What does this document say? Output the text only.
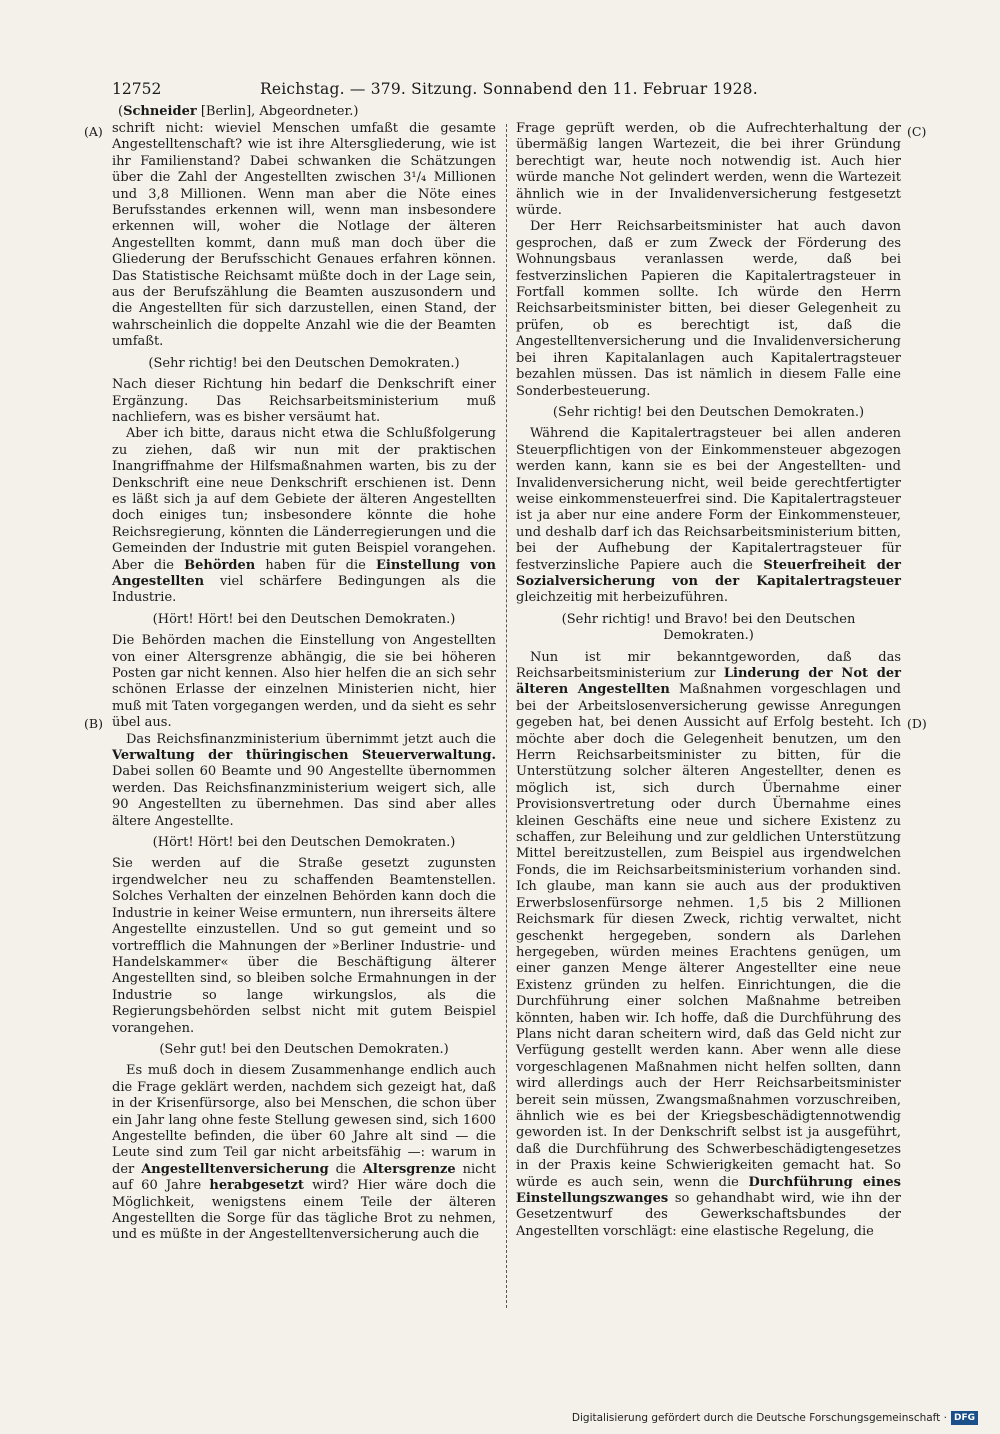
12752	Reichstag. — 379. Sitzung. Sonnabend den 11. Februar 1928.
(Schneider [Berlin], Abgeordneter.)
(A)
(B)
(C)
(D)

schrift nicht: wieviel Menschen umfaßt die gesamte Angestelltenschaft? wie ist ihre Altersgliederung, wie ist ihr Familienstand? Dabei schwanken die Schätzungen über die Zahl der Angestellten zwischen 3¹/₄ Millionen und 3,8 Millionen. Wenn man aber die Nöte eines Berufsstandes erkennen will, wenn man insbesondere erkennen will, woher die Notlage der älteren Angestellten kommt, dann muß man doch über die Gliederung der Berufsschicht Genaues erfahren können. Das Statistische Reichsamt müßte doch in der Lage sein, aus der Berufszählung die Beamten auszusondern und die Angestellten für sich darzustellen, einen Stand, der wahrscheinlich die doppelte Anzahl wie die der Beamten umfaßt.

(Sehr richtig! bei den Deutschen Demokraten.)

Nach dieser Richtung hin bedarf die Denkschrift einer Ergänzung. Das Reichsarbeitsministerium muß nachliefern, was es bisher versäumt hat.

Aber ich bitte, daraus nicht etwa die Schlußfolgerung zu ziehen, daß wir nun mit der praktischen Inangriffnahme der Hilfsmaßnahmen warten, bis zu der Denkschrift eine neue Denkschrift erschienen ist. Denn es läßt sich ja auf dem Gebiete der älteren Angestellten doch einiges tun; insbesondere könnte die hohe Reichsregierung, könnten die Länderregierungen und die Gemeinden der Industrie mit guten Beispiel vorangehen. Aber die Behörden haben für die Einstellung von Angestellten viel schärfere Bedingungen als die Industrie.

(Hört! Hört! bei den Deutschen Demokraten.)

Die Behörden machen die Einstellung von Angestellten von einer Altersgrenze abhängig, die sie bei höheren Posten gar nicht kennen. Also hier helfen die an sich sehr schönen Erlasse der einzelnen Ministerien nicht, hier muß mit Taten vorgegangen werden, und da sieht es sehr übel aus.

Das Reichsfinanzministerium übernimmt jetzt auch die Verwaltung der thüringischen Steuerverwaltung. Dabei sollen 60 Beamte und 90 Angestellte übernommen werden. Das Reichsfinanzministerium weigert sich, alle 90 Angestellten zu übernehmen. Das sind aber alles ältere Angestellte.

(Hört! Hört! bei den Deutschen Demokraten.)

Sie werden auf die Straße gesetzt zugunsten irgendwelcher neu zu schaffenden Beamtenstellen. Solches Verhalten der einzelnen Behörden kann doch die Industrie in keiner Weise ermuntern, nun ihrerseits ältere Angestellte einzustellen. Und so gut gemeint und so vortrefflich die Mahnungen der »Berliner Industrie- und Handelskammer« über die Beschäftigung älterer Angestellten sind, so bleiben solche Ermahnungen in der Industrie so lange wirkungslos, als die Regierungsbehörden selbst nicht mit gutem Beispiel vorangehen.

(Sehr gut! bei den Deutschen Demokraten.)

Es muß doch in diesem Zusammenhange endlich auch die Frage geklärt werden, nachdem sich gezeigt hat, daß in der Krisenfürsorge, also bei Menschen, die schon über ein Jahr lang ohne feste Stellung gewesen sind, sich 1600 Angestellte befinden, die über 60 Jahre alt sind — die Leute sind zum Teil gar nicht arbeitsfähig —: warum in der Angestelltenversicherung die Altersgrenze nicht auf 60 Jahre herabgesetzt wird? Hier wäre doch die Möglichkeit, wenigstens einem Teile der älteren Angestellten die Sorge für das tägliche Brot zu nehmen, und es müßte in der Angestelltenversicherung auch die

Frage geprüft werden, ob die Aufrechterhaltung der übermäßig langen Wartezeit, die bei ihrer Gründung berechtigt war, heute noch notwendig ist. Auch hier würde manche Not gelindert werden, wenn die Wartezeit ähnlich wie in der Invalidenversicherung festgesetzt würde.

Der Herr Reichsarbeitsminister hat auch davon gesprochen, daß er zum Zweck der Förderung des Wohnungsbaus veranlassen werde, daß bei festverzinslichen Papieren die Kapitalertragsteuer in Fortfall kommen sollte. Ich würde den Herrn Reichsarbeitsminister bitten, bei dieser Gelegenheit zu prüfen, ob es berechtigt ist, daß die Angestelltenversicherung und die Invalidenversicherung bei ihren Kapitalanlagen auch Kapitalertragsteuer bezahlen müssen. Das ist nämlich in diesem Falle eine Sonderbesteuerung.

(Sehr richtig! bei den Deutschen Demokraten.)

Während die Kapitalertragsteuer bei allen anderen Steuerpflichtigen von der Einkommensteuer abgezogen werden kann, kann sie es bei der Angestellten- und Invalidenversicherung nicht, weil beide gerechtfertigter weise einkommensteuerfrei sind. Die Kapitalertragsteuer ist ja aber nur eine andere Form der Einkommensteuer, und deshalb darf ich das Reichsarbeitsministerium bitten, bei der Aufhebung der Kapitalertragsteuer für festverzinsliche Papiere auch die Steuerfreiheit der Sozialversicherung von der Kapitalertragsteuer gleichzeitig mit herbeizuführen.

(Sehr richtig! und Bravo! bei den Deutschen Demokraten.)

Nun ist mir bekanntgeworden, daß das Reichsarbeitsministerium zur Linderung der Not der älteren Angestellten Maßnahmen vorgeschlagen und bei der Arbeitslosenversicherung gewisse Anregungen gegeben hat, bei denen Aussicht auf Erfolg besteht. Ich möchte aber doch die Gelegenheit benutzen, um den Herrn Reichsarbeitsminister zu bitten, für die Unterstützung solcher älteren Angestellter, denen es möglich ist, sich durch Übernahme einer Provisionsvertretung oder durch Übernahme eines kleinen Geschäfts eine neue und sichere Existenz zu schaffen, zur Beleihung und zur geldlichen Unterstützung Mittel bereitzustellen, zum Beispiel aus irgendwelchen Fonds, die im Reichsarbeitsministerium vorhanden sind. Ich glaube, man kann sie auch aus der produktiven Erwerbslosenfürsorge nehmen. 1,5 bis 2 Millionen Reichsmark für diesen Zweck, richtig verwaltet, nicht geschenkt hergegeben, sondern als Darlehen hergegeben, würden meines Erachtens genügen, um einer ganzen Menge älterer Angestellter eine neue Existenz gründen zu helfen. Einrichtungen, die die Durchführung einer solchen Maßnahme betreiben könnten, haben wir. Ich hoffe, daß die Durchführung des Plans nicht daran scheitern wird, daß das Geld nicht zur Verfügung gestellt werden kann. Aber wenn alle diese vorgeschlagenen Maßnahmen nicht helfen sollten, dann wird allerdings auch der Herr Reichsarbeitsminister bereit sein müssen, Zwangsmaßnahmen vorzuschreiben, ähnlich wie es bei der Kriegsbeschädigtennotwendig geworden ist. In der Denkschrift selbst ist ja ausgeführt, daß die Durchführung des Schwerbeschädigtengesetzes in der Praxis keine Schwierigkeiten gemacht hat. So würde es auch sein, wenn die Durchführung eines Einstellungszwanges so gehandhabt wird, wie ihn der Gesetzentwurf des Gewerkschaftsbundes der Angestellten vorschlägt: eine elastische Regelung, die

Digitalisierung gefördert durch die Deutsche Forschungsgemeinschaft · DFG
